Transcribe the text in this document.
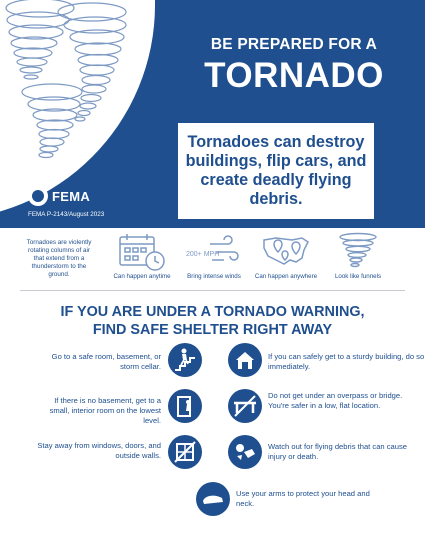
BE PREPARED FOR A
TORNADO
Tornadoes can destroy buildings, flip cars, and create deadly flying debris.
FEMA
FEMA P-2143/August 2023
Tornadoes are violently rotating columns of air that extend from a thunderstorm to the ground.	Can happen anytime
200+ MPH
Bring intense winds	Can happen anywhere	Look like funnels
IF YOU ARE UNDER A TORNADO WARNING,
FIND SAFE SHELTER RIGHT AWAY
Go to a safe room, basement, or storm cellar.
If you can safely get to a sturdy building, do so immediately.
If there is no basement, get to a small, interior room on the lowest level.
Do not get under an overpass or bridge. You're safer in a low, flat location.
Stay away from windows, doors, and outside walls.
Watch out for flying debris that can cause injury or death.
Use your arms to protect your head and neck.
